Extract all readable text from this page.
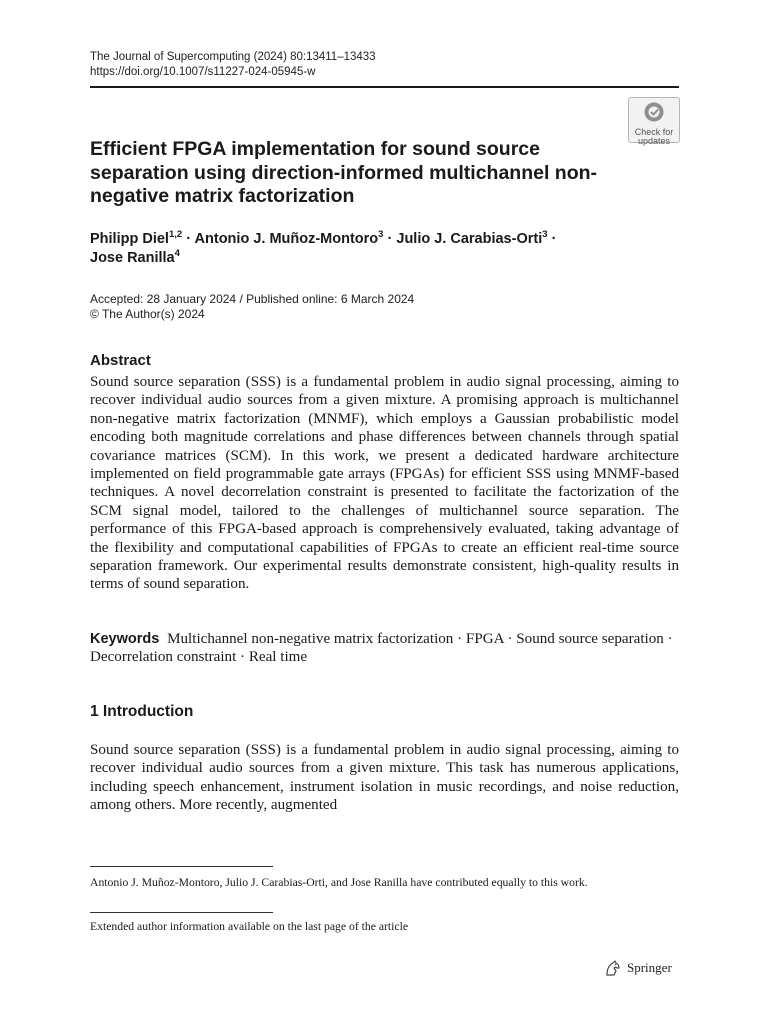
The Journal of Supercomputing (2024) 80:13411–13433
https://doi.org/10.1007/s11227-024-05945-w
Check for
updates
Efficient FPGA implementation for sound source separation using direction-informed multichannel non-negative matrix factorization
Philipp Diel$^{1,2}$ · Antonio J. Muñoz-Montoro$^3$ · Julio J. Carabias-Orti$^3$ ·
Jose Ranilla$^4$
Accepted: 28 January 2024 / Published online: 6 March 2024
© The Author(s) 2024
Abstract
Sound source separation (SSS) is a fundamental problem in audio signal processing, aiming to recover individual audio sources from a given mixture. A promising approach is multichannel non-negative matrix factorization (MNMF), which employs a Gaussian probabilistic model encoding both magnitude correlations and phase differences between channels through spatial covariance matrices (SCM). In this work, we present a dedicated hardware architecture implemented on field programmable gate arrays (FPGAs) for efficient SSS using MNMF-based techniques. A novel decorrelation constraint is presented to facilitate the factorization of the SCM signal model, tailored to the challenges of multichannel source separation. The performance of this FPGA-based approach is comprehensively evaluated, taking advantage of the flexibility and computational capabilities of FPGAs to create an efficient real-time source separation framework. Our experimental results demonstrate consistent, high-quality results in terms of sound separation.
Keywords Multichannel non-negative matrix factorization · FPGA · Sound source separation · Decorrelation constraint · Real time
1 Introduction
Sound source separation (SSS) is a fundamental problem in audio signal processing, aiming to recover individual audio sources from a given mixture. This task has numerous applications, including speech enhancement, instrument isolation in music recordings, and noise reduction, among others. More recently, augmented
Antonio J. Muñoz-Montoro, Julio J. Carabias-Orti, and Jose Ranilla have contributed equally to this work.
Extended author information available on the last page of the article
Springer
